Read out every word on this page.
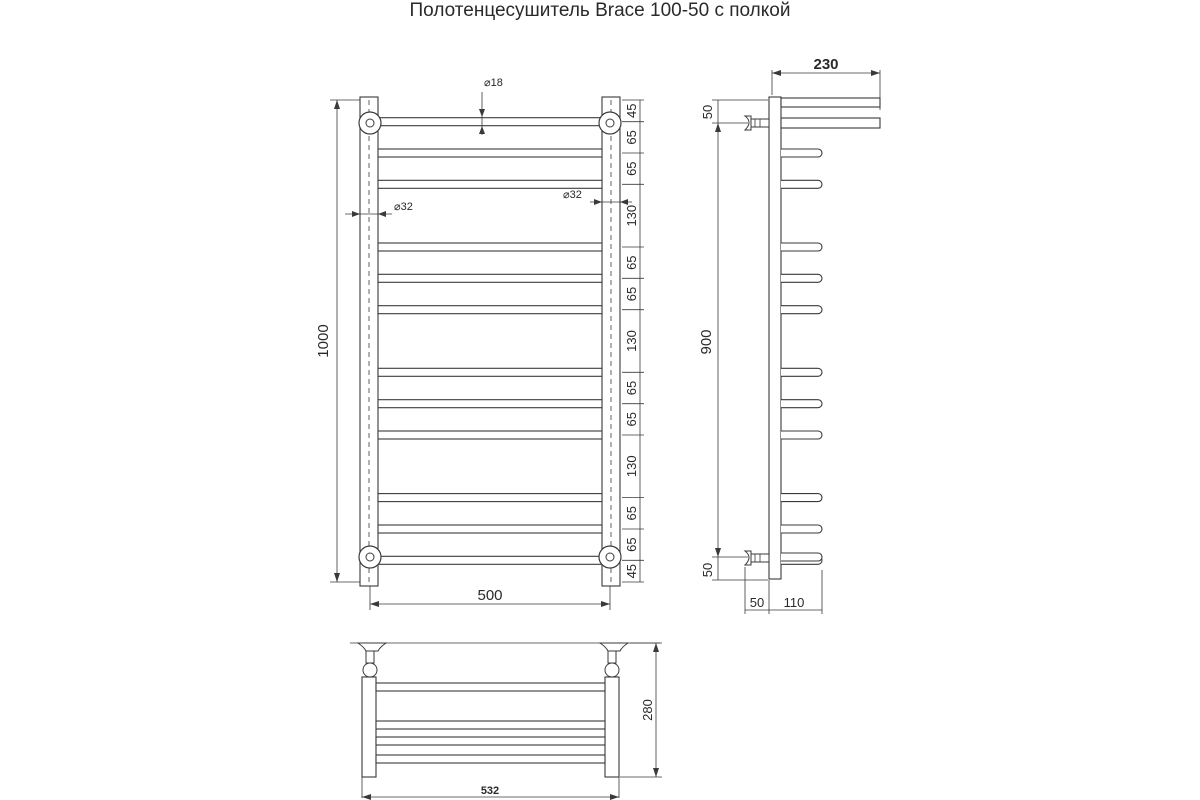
Полотенцесушитель Brace 100-50 с полкой
1000
⌀18
⌀32
⌀32
45
65
65
130
65
65
130
65
65
130
65
65
45
500
230
50
900
50
50 110
280
532
